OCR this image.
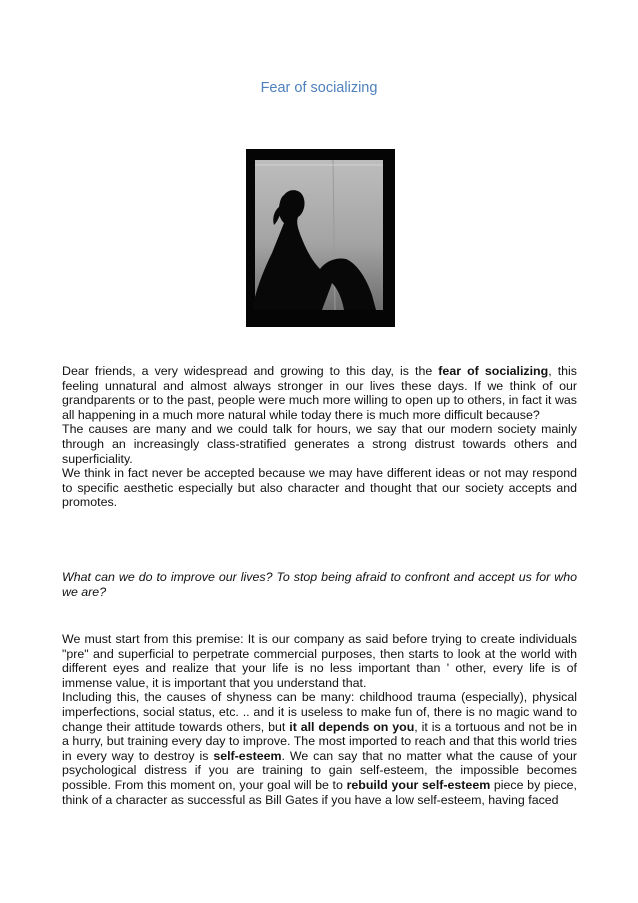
Fear of socializing

Dear friends, a very widespread and growing to this day, is the fear of socializing, this feeling unnatural and almost always stronger in our lives these days. If we think of our grandparents or to the past, people were much more willing to open up to others, in fact it was all happening in a much more natural while today there is much more difficult because?

The causes are many and we could talk for hours, we say that our modern society mainly through an increasingly class-stratified generates a strong distrust towards others and superficiality.

We think in fact never be accepted because we may have different ideas or not may respond to specific aesthetic especially but also character and thought that our society accepts and promotes.

What can we do to improve our lives? To stop being afraid to confront and accept us for who we are?

We must start from this premise: It is our company as said before trying to create individuals "pre" and superficial to perpetrate commercial purposes, then starts to look at the world with different eyes and realize that your life is no less important than ' other, every life is of immense value, it is important that you understand that.

Including this, the causes of shyness can be many: childhood trauma (especially), physical imperfections, social status, etc. .. and it is useless to make fun of, there is no magic wand to change their attitude towards others, but it all depends on you, it is a tortuous and not be in a hurry, but training every day to improve. The most imported to reach and that this world tries in every way to destroy is self-esteem. We can say that no matter what the cause of your psychological distress if you are training to gain self-esteem, the impossible becomes possible. From this moment on, your goal will be to rebuild your self-esteem piece by piece, think of a character as successful as Bill Gates if you have a low self-esteem, having faced
